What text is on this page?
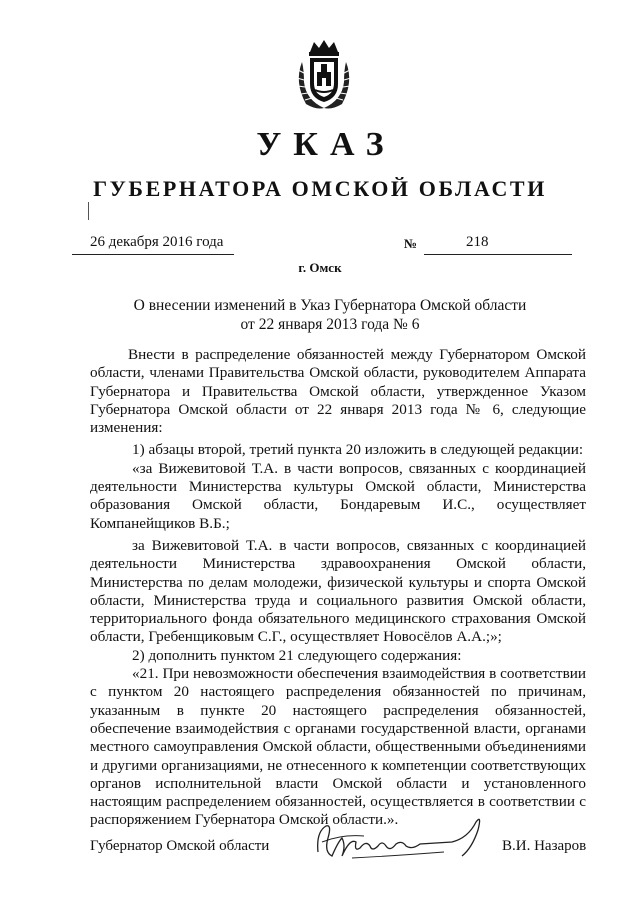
УКАЗ
ГУБЕРНАТОРА ОМСКОЙ ОБЛАСТИ
26 декабря 2016 года	№	218
г. Омск
О внесении изменений в Указ Губернатора Омской области
от 22 января 2013 года № 6

Внести в распределение обязанностей между Губернатором Омской области, членами Правительства Омской области, руководителем Аппарата Губернатора и Правительства Омской области, утвержденное Указом Губернатора Омской области от 22 января 2013 года № 6, следующие изменения:

1) абзацы второй, третий пункта 20 изложить в следующей редакции:

«за Вижевитовой Т.А. в части вопросов, связанных с координацией деятельности Министерства культуры Омской области, Министерства образования Омской области, Бондаревым И.С., осуществляет Компанейщиков В.Б.;

за Вижевитовой Т.А. в части вопросов, связанных с координацией деятельности Министерства здравоохранения Омской области, Министерства по делам молодежи, физической культуры и спорта Омской области, Министерства труда и социального развития Омской области, территориального фонда обязательного медицинского страхования Омской области, Гребенщиковым С.Г., осуществляет Новосёлов А.А.;»;

2) дополнить пунктом 21 следующего содержания:

«21. При невозможности обеспечения взаимодействия в соответствии с пунктом 20 настоящего распределения обязанностей по причинам, указанным в пункте 20 настоящего распределения обязанностей, обеспечение взаимодействия с органами государственной власти, органами местного самоуправления Омской области, общественными объединениями и другими организациями, не отнесенного к компетенции соответствующих органов исполнительной власти Омской области и установленного настоящим распределением обязанностей, осуществляется в соответствии с распоряжением Губернатора Омской области.».

Губернатор Омской области	В.И. Назаров
